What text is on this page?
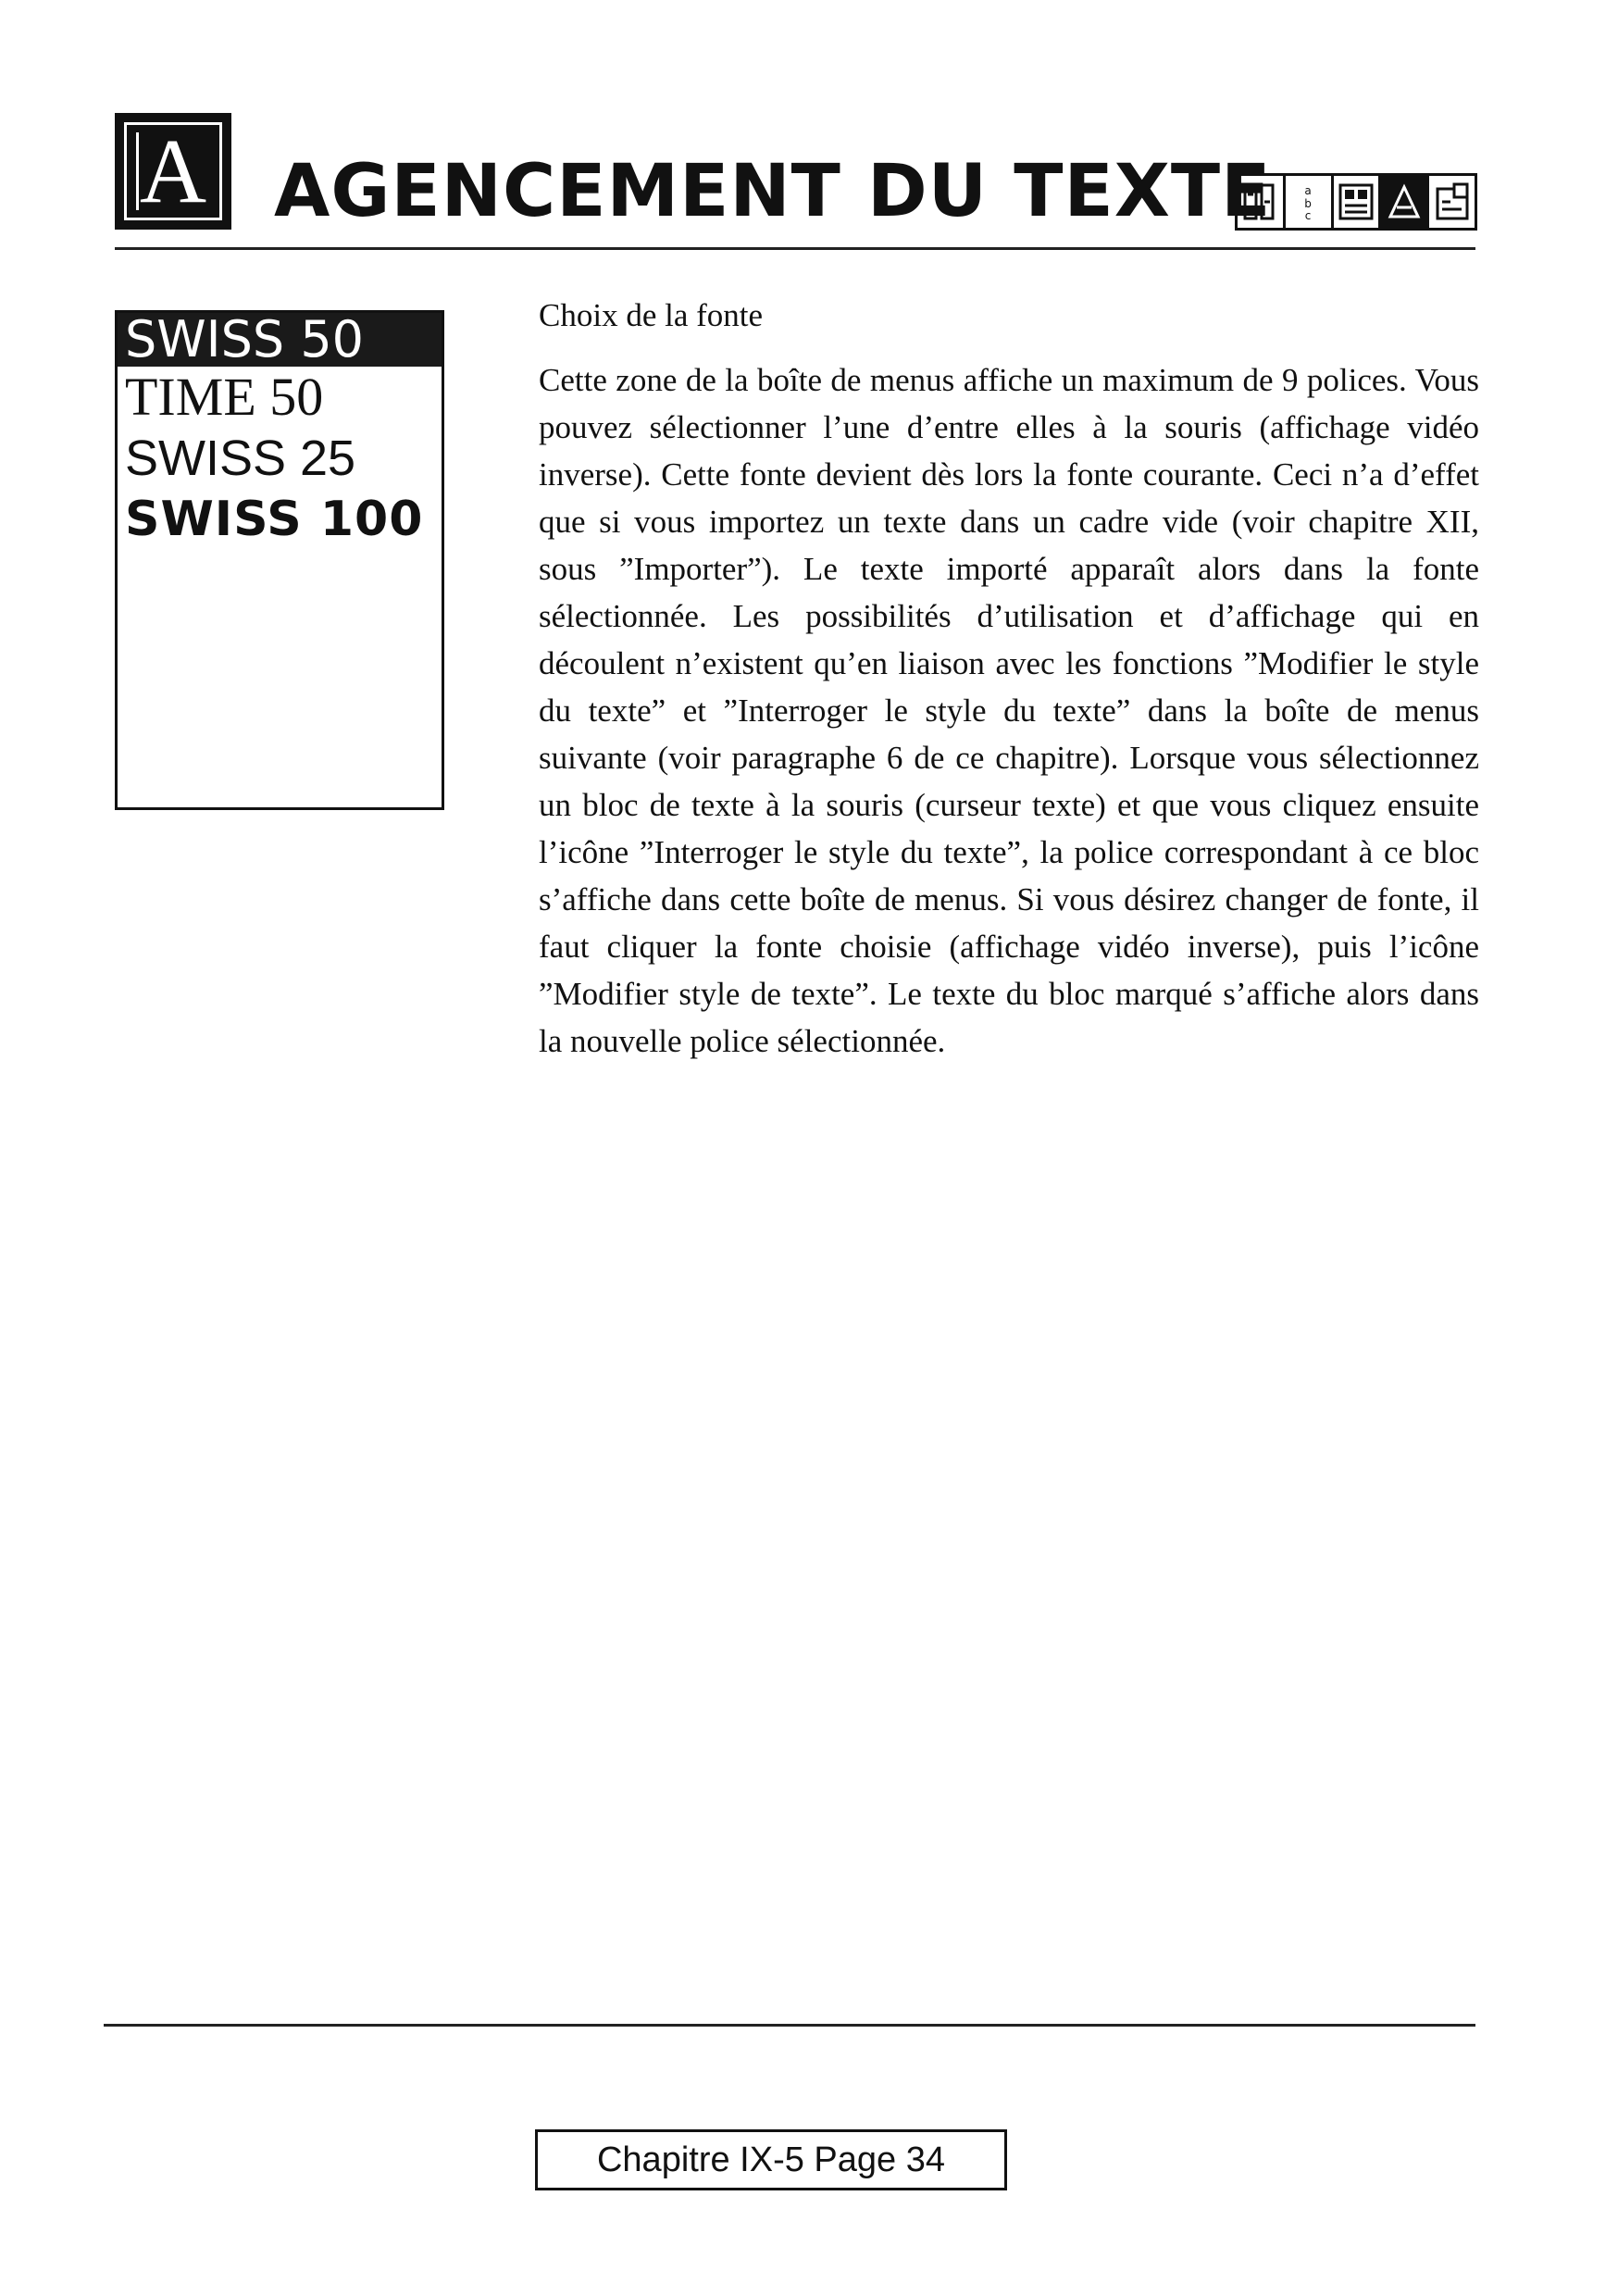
A AGENCEMENT DU TEXTE	a
b
c
SWISS 50
TIME 50
SWISS 25
SWISS 100
Choix de la fonte

Cette zone de la boîte de menus affiche un maximum de 9 polices. Vous pouvez sélectionner l’une d’entre elles à la souris (affichage vidéo inverse). Cette fonte devient dès lors la fonte courante. Ceci n’a d’effet que si vous importez un texte dans un cadre vide (voir chapitre XII, sous ”Importer”). Le texte importé apparaît alors dans la fonte sélectionnée. Les possibilités d’utilisation et d’affichage qui en découlent n’existent qu’en liaison avec les fonctions ”Modifier le style du texte” et ”Interroger le style du texte” dans la boîte de menus suivante (voir paragraphe 6 de ce chapitre). Lorsque vous sélectionnez un bloc de texte à la souris (curseur texte) et que vous cliquez ensuite l’icône ”Interroger le style du texte”, la police correspondant à ce bloc s’affiche dans cette boîte de menus. Si vous désirez changer de fonte, il faut cliquer la fonte choisie (affichage vidéo inverse), puis l’icône ”Modifier style de texte”. Le texte du bloc marqué s’affiche alors dans la nouvelle police sélectionnée.

Chapitre IX-5 Page 34
